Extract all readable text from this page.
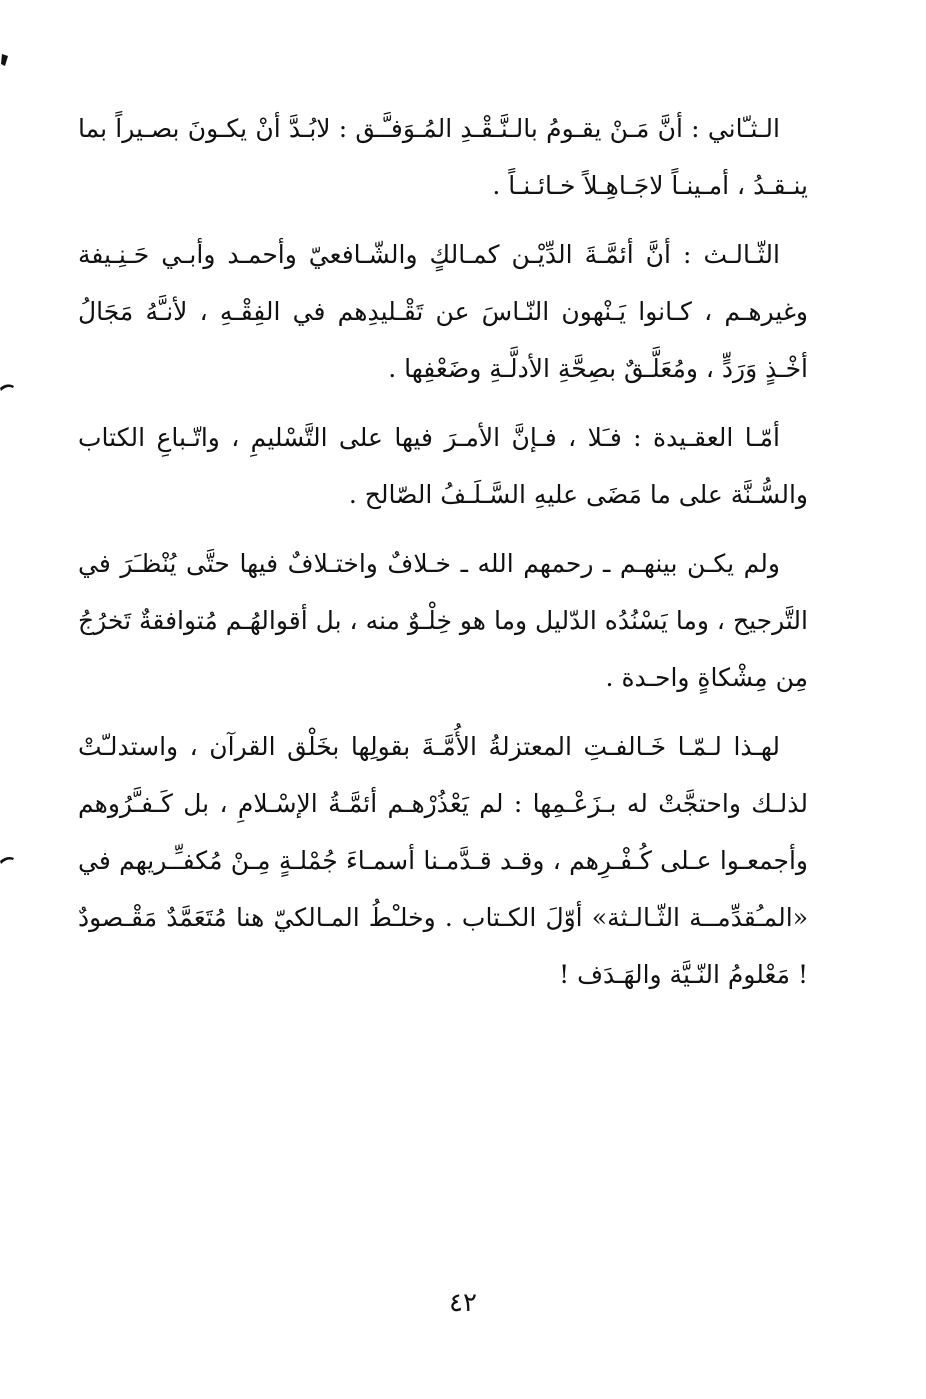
الـثـّاني : أنَّ مَـنْ يقـومُ بالـنَّـقْـدِ المُـوَفـَّـق : لابُـدَّ أنْ يكـونَ بصـيراً بما ينـقـدُ ، أمـينـاً لاجَـاهِـلاً خـائـنـاً .

الثّـالـث : أنَّ أئمَّـةَ الدِّيْـن كمـالكٍ والشّـافعيّ وأحمـد وأبـي حَـنِـيفة وغيرهـم ، كـانوا يَـنْهون النّـاسَ عن تَقْـليدِهم في الفِقْـهِ ، لأنـَّهُ مَجَالُ أخْـذٍ وَرَدٍّ ، ومُعَلَّـقٌ بصِحَّةِ الأدلَّـةِ وضَعْفِها .

أمّـا العقـيدة : فـَلا ، فـإنَّ الأمـرَ فيها على التَّسْليمِ ، واتّـباعِ الكتاب والسُّـنَّة على ما مَضَى عليهِ السَّـلَـفُ الصّالح .

ولم يكـن بينهـم ـ رحمهم الله ـ خـلافٌ واختـلافٌ فيها حتَّى يُنْظـَرَ في التَّرجيح ، وما يَسْنُدُه الدّليل وما هو خِلْـوٌ منه ، بل أقوالهُـم مُتوافقةٌ تَخرُجُ مِن مِشْكاةٍ واحـدة .

لهـذا لـمّـا خَـالفـتِ المعتزلةُ الأُمَّـةَ بقولِها بخَلْق القرآن ، واستدلـّتْ لذلـك واحتجَّتْ له بـزَعْـمِها : لم يَعْذُرْهـم أئمَّـةُ الإسْـلامِ ، بل كَـفـَّرُوهم وأجمعـوا عـلى كُـفْـرِهم ، وقـد قـدَّمـنا أسمـاءَ جُمْلـةٍ مِـنْ مُكفـِّـريهم في «المـُقدِّمــة الثّـالـثة» أوّلَ الكـتاب . وخلـْطُ المـالكيّ هنا مُتَعَمَّدٌ مَقْـصودٌ ! مَعْلومُ النّـيَّة والهَـدَف !

٤٢
